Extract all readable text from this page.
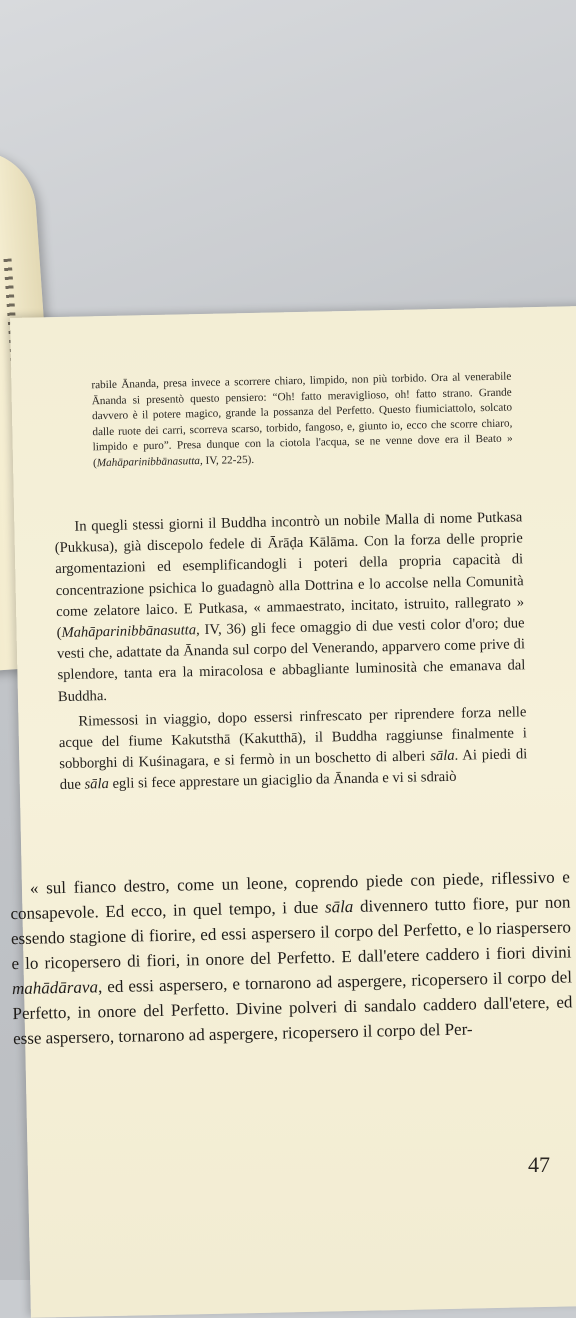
rabile Ānanda, presa invece a scorrere chiaro, limpido, non più torbido. Ora al venerabile Ānanda si presentò questo pensiero: “Oh! fatto meraviglioso, oh! fatto strano. Grande davvero è il potere magico, grande la possanza del Perfetto. Questo fiumiciattolo, solcato dalle ruote dei carri, scorreva scarso, torbido, fangoso, e, giunto io, ecco che scorre chiaro, limpido e puro”. Presa dunque con la ciotola l'acqua, se ne venne dove era il Beato » (Mahāparinibbānasutta, IV, 22-25).

In quegli stessi giorni il Buddha incontrò un nobile Malla di nome Putkasa (Pukkusa), già discepolo fedele di Ārāḍa Kālāma. Con la forza delle proprie argomentazioni ed esemplificandogli i poteri della propria capacità di concentrazione psichica lo guadagnò alla Dottrina e lo accolse nella Comunità come zelatore laico. E Putkasa, « ammaestrato, incitato, istruito, rallegrato » (Mahāparinibbānasutta, IV, 36) gli fece omaggio di due vesti color d'oro; due vesti che, adattate da Ānanda sul corpo del Venerando, apparvero come prive di splendore, tanta era la miracolosa e abbagliante luminosità che emanava dal Buddha.

Rimessosi in viaggio, dopo essersi rinfrescato per riprendere forza nelle acque del fiume Kakutsthā (Kakutthā), il Buddha raggiunse finalmente i sobborghi di Kuśinagara, e si fermò in un boschetto di alberi sāla. Ai piedi di due sāla egli si fece apprestare un giaciglio da Ānanda e vi si sdraiò

« sul fianco destro, come un leone, coprendo piede con piede, riflessivo e consapevole. Ed ecco, in quel tempo, i due sāla divennero tutto fiore, pur non essendo stagione di fiorire, ed essi aspersero il corpo del Perfetto, e lo riaspersero e lo ricopersero di fiori, in onore del Perfetto. E dall'etere caddero i fiori divini mahādārava, ed essi aspersero, e tornarono ad aspergere, ricopersero il corpo del Perfetto, in onore del Perfetto. Divine polveri di sandalo caddero dall'etere, ed esse aspersero, tornarono ad aspergere, ricopersero il corpo del Per-

47
